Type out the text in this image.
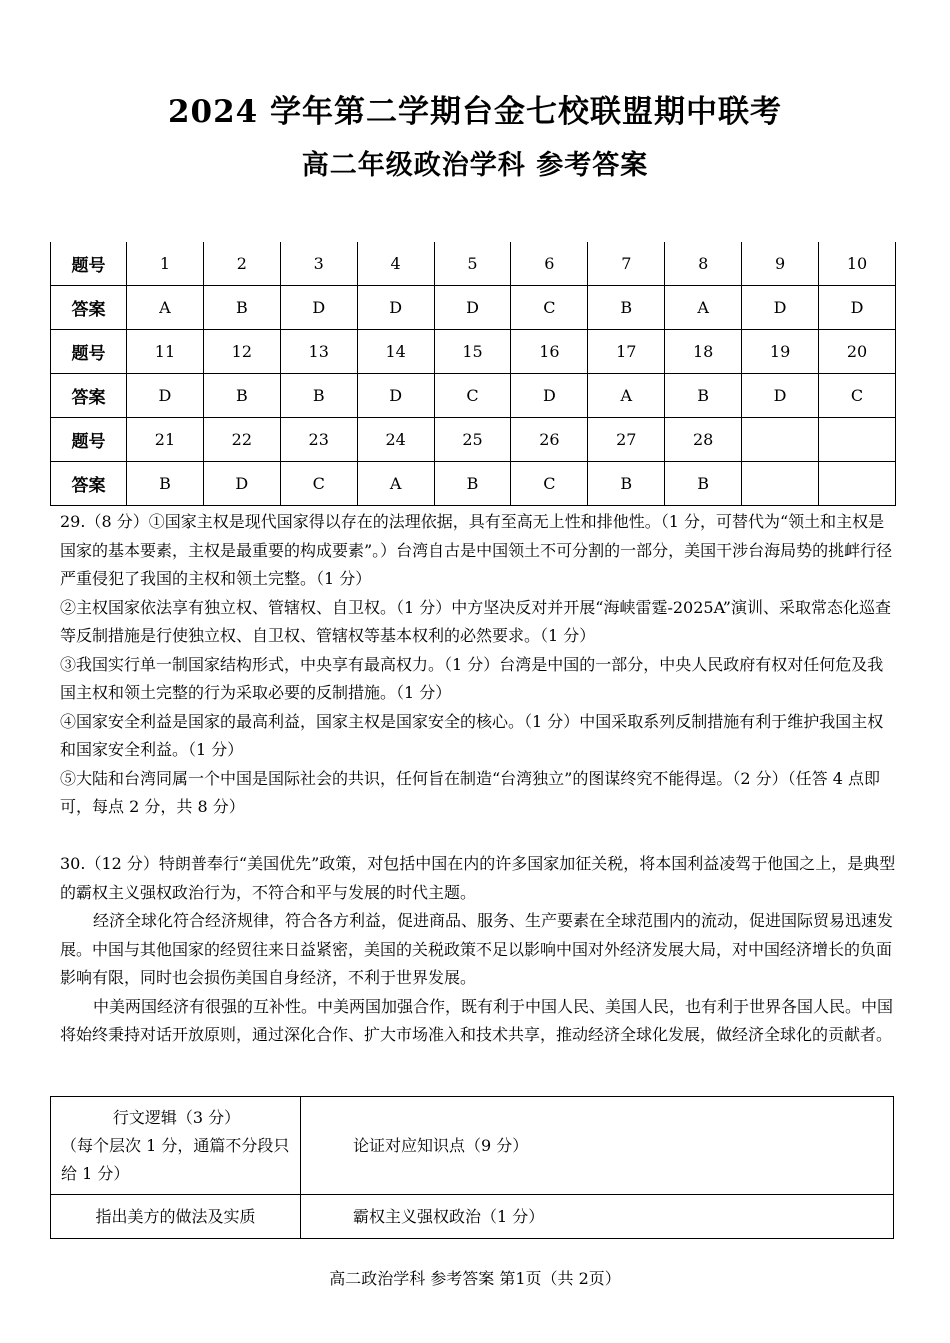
2024 学年第二学期台金七校联盟期中联考
高二年级政治学科 参考答案
题号	1	2	3	4	5	6	7	8	9	10
答案	A	B	D	D	D	C	B	A	D	D
题号	11	12	13	14	15	16	17	18	19	20
答案	D	B	B	D	C	D	A	B	D	C
题号	21	22	23	24	25	26	27	28		
答案	B	D	C	A	B	C	B	B		

29.（8 分）①国家主权是现代国家得以存在的法理依据，具有至高无上性和排他性。（1 分，可替代为“领土和主权是国家的基本要素，主权是最重要的构成要素”。）台湾自古是中国领土不可分割的一部分，美国干涉台海局势的挑衅行径严重侵犯了我国的主权和领土完整。（1 分）

②主权国家依法享有独立权、管辖权、自卫权。（1 分）中方坚决反对并开展“海峡雷霆-2025A”演训、采取常态化巡查等反制措施是行使独立权、自卫权、管辖权等基本权利的必然要求。（1 分）

③我国实行单一制国家结构形式，中央享有最高权力。（1 分）台湾是中国的一部分，中央人民政府有权对任何危及我国主权和领土完整的行为采取必要的反制措施。（1 分）

④国家安全利益是国家的最高利益，国家主权是国家安全的核心。（1 分）中国采取系列反制措施有利于维护我国主权和国家安全利益。（1 分）

⑤大陆和台湾同属一个中国是国际社会的共识，任何旨在制造“台湾独立”的图谋终究不能得逞。（2 分）（任答 4 点即可，每点 2 分，共 8 分）

30.（12 分）特朗普奉行“美国优先”政策，对包括中国在内的许多国家加征关税，将本国利益凌驾于他国之上，是典型的霸权主义强权政治行为，不符合和平与发展的时代主题。

经济全球化符合经济规律，符合各方利益，促进商品、服务、生产要素在全球范围内的流动，促进国际贸易迅速发展。中国与其他国家的经贸往来日益紧密，美国的关税政策不足以影响中国对外经济发展大局，对中国经济增长的负面影响有限，同时也会损伤美国自身经济，不利于世界发展。

中美两国经济有很强的互补性。中美两国加强合作，既有利于中国人民、美国人民，也有利于世界各国人民。中国将始终秉持对话开放原则，通过深化合作、扩大市场准入和技术共享，推动经济全球化发展，做经济全球化的贡献者。

行文逻辑（3 分）
（每个层次 1 分，通篇不分段只给 1 分）	论证对应知识点（9 分）
指出美方的做法及实质	霸权主义强权政治（1 分）
高二政治学科 参考答案 第1页（共 2页）
